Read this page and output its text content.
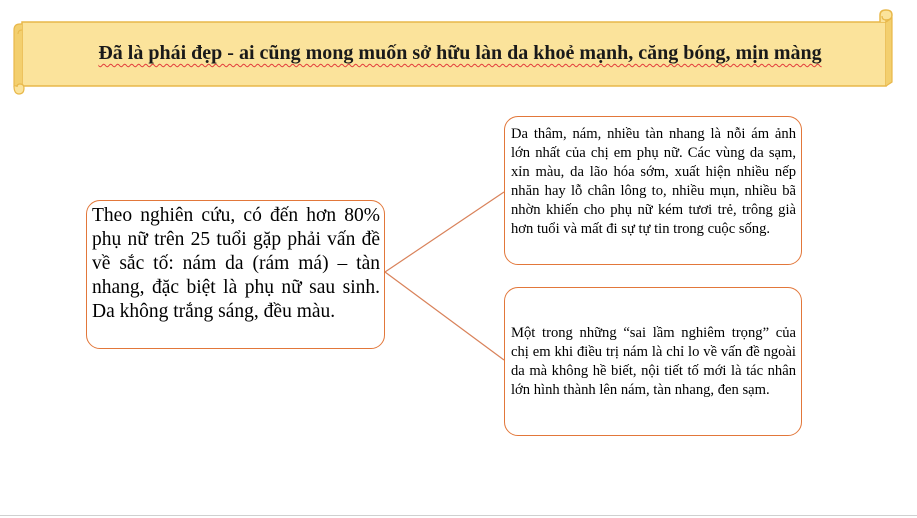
Đã là phái đẹp - ai cũng mong muốn sở hữu làn da khoẻ mạnh, căng bóng, mịn màng

Theo nghiên cứu, có đến hơn 80% phụ nữ trên 25 tuổi gặp phải vấn đề về sắc tố: nám da (rám má) – tàn nhang, đặc biệt là phụ nữ sau sinh. Da không trắng sáng, đều màu.

Da thâm, nám, nhiều tàn nhang là nỗi ám ảnh lớn nhất của chị em phụ nữ. Các vùng da sạm, xỉn màu, da lão hóa sớm, xuất hiện nhiều nếp nhăn hay lỗ chân lông to, nhiều mụn, nhiều bã nhờn khiến cho phụ nữ kém tươi trẻ, trông già hơn tuổi và mất đi sự tự tin trong cuộc sống.

Một trong những “sai lầm nghiêm trọng” của chị em khi điều trị nám là chỉ lo về vấn đề ngoài da mà không hề biết, nội tiết tố mới là tác nhân lớn hình thành lên nám, tàn nhang, đen sạm.
